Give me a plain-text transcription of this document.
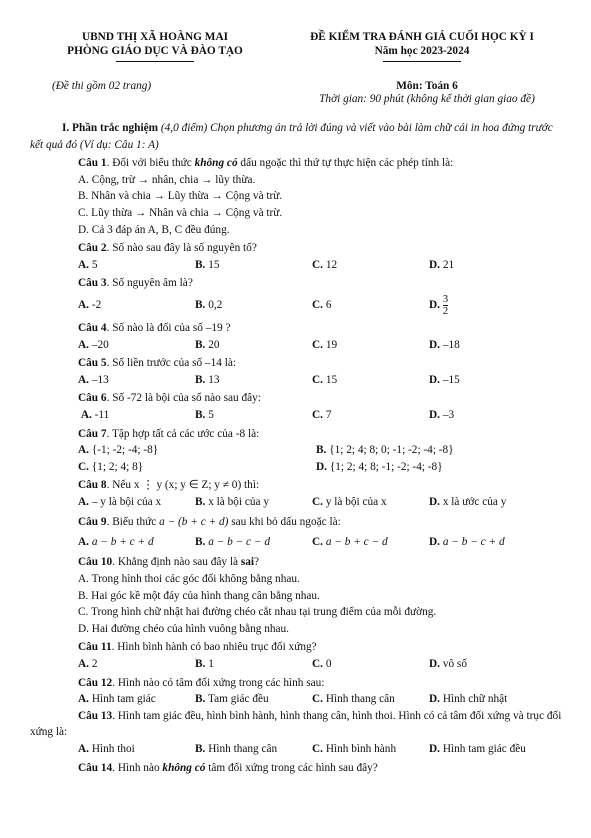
UBND THỊ XÃ HOÀNG MAI
PHÒNG GIÁO DỤC VÀ ĐÀO TẠO
ĐỀ KIỂM TRA ĐÁNH GIÁ CUỐI HỌC KỲ I
Năm học 2023-2024
(Đề thi gồm 02 trang)	Môn: Toán 6
Thời gian: 90 phút (không kể thời gian giao đề)
I. Phần trắc nghiệm (4,0 điểm) Chọn phương án trả lời đúng và viết vào bài làm chữ cái in hoa đứng trước kết quả đó (Ví dụ: Câu 1: A)
Câu 1. Đối với biểu thức không có dấu ngoặc thì thứ tự thực hiện các phép tính là:
A. Cộng, trừ → nhân, chia → lũy thừa.
B. Nhân và chia → Lũy thừa → Cộng và trừ.
C. Lũy thừa → Nhân và chia → Cộng và trừ.
D. Cả 3 đáp án A, B, C đều đúng.
Câu 2. Số nào sau đây là số nguyên tố?
A. 5	B. 15	C. 12	D. 21
Câu 3. Số nguyên âm là?
A. -2	B. 0,2	C. 6	D. $\frac{3}{2}$
Câu 4. Số nào là đối của số –19 ?
A. –20	B. 20	C. 19	D. –18
Câu 5. Số liền trước của số –14 là:
A. –13	B. 13	C. 15	D. –15
Câu 6. Số -72 là bội của số nào sau đây:
A. -11	B. 5	C. 7	D. –3
Câu 7. Tập hợp tất cả các ước của -8 là:
A. {-1; -2; -4; -8}	B. {1; 2; 4; 8; 0; -1; -2; -4; -8}
C. {1; 2; 4; 8}	D. {1; 2; 4; 8; -1; -2; -4; -8}
Câu 8. Nếu x ⋮ y (x; y ∈ Z; y ≠ 0) thì:
A. – y là bội của x	B. x là bội của y	C. y là bội của x	D. x là ước của y
Câu 9. Biểu thức a − (b + c + d) sau khi bỏ dấu ngoặc là:
A. a − b + c + d	B. a − b − c − d	C. a − b + c − d	D. a − b − c + d
Câu 10. Khẳng định nào sau đây là sai?
A. Trong hình thoi các góc đối không bằng nhau.
B. Hai góc kề một đáy của hình thang cân bằng nhau.
C. Trong hình chữ nhật hai đường chéo cắt nhau tại trung điểm của mỗi đường.
D. Hai đường chéo của hình vuông bằng nhau.
Câu 11. Hình bình hành có bao nhiêu trục đối xứng?
A. 2	B. 1	C. 0	D. vô số
Câu 12. Hình nào có tâm đối xứng trong các hình sau:
A. Hình tam giác	B. Tam giác đều	C. Hình thang cân	D. Hình chữ nhật
Câu 13. Hình tam giác đều, hình bình hành, hình thang cân, hình thoi. Hình có cả tâm đối xứng và trục đối xứng là:
A. Hình thoi	B. Hình thang cân	C. Hình bình hành	D. Hình tam giác đều
Câu 14. Hình nào không có tâm đối xứng trong các hình sau đây?
